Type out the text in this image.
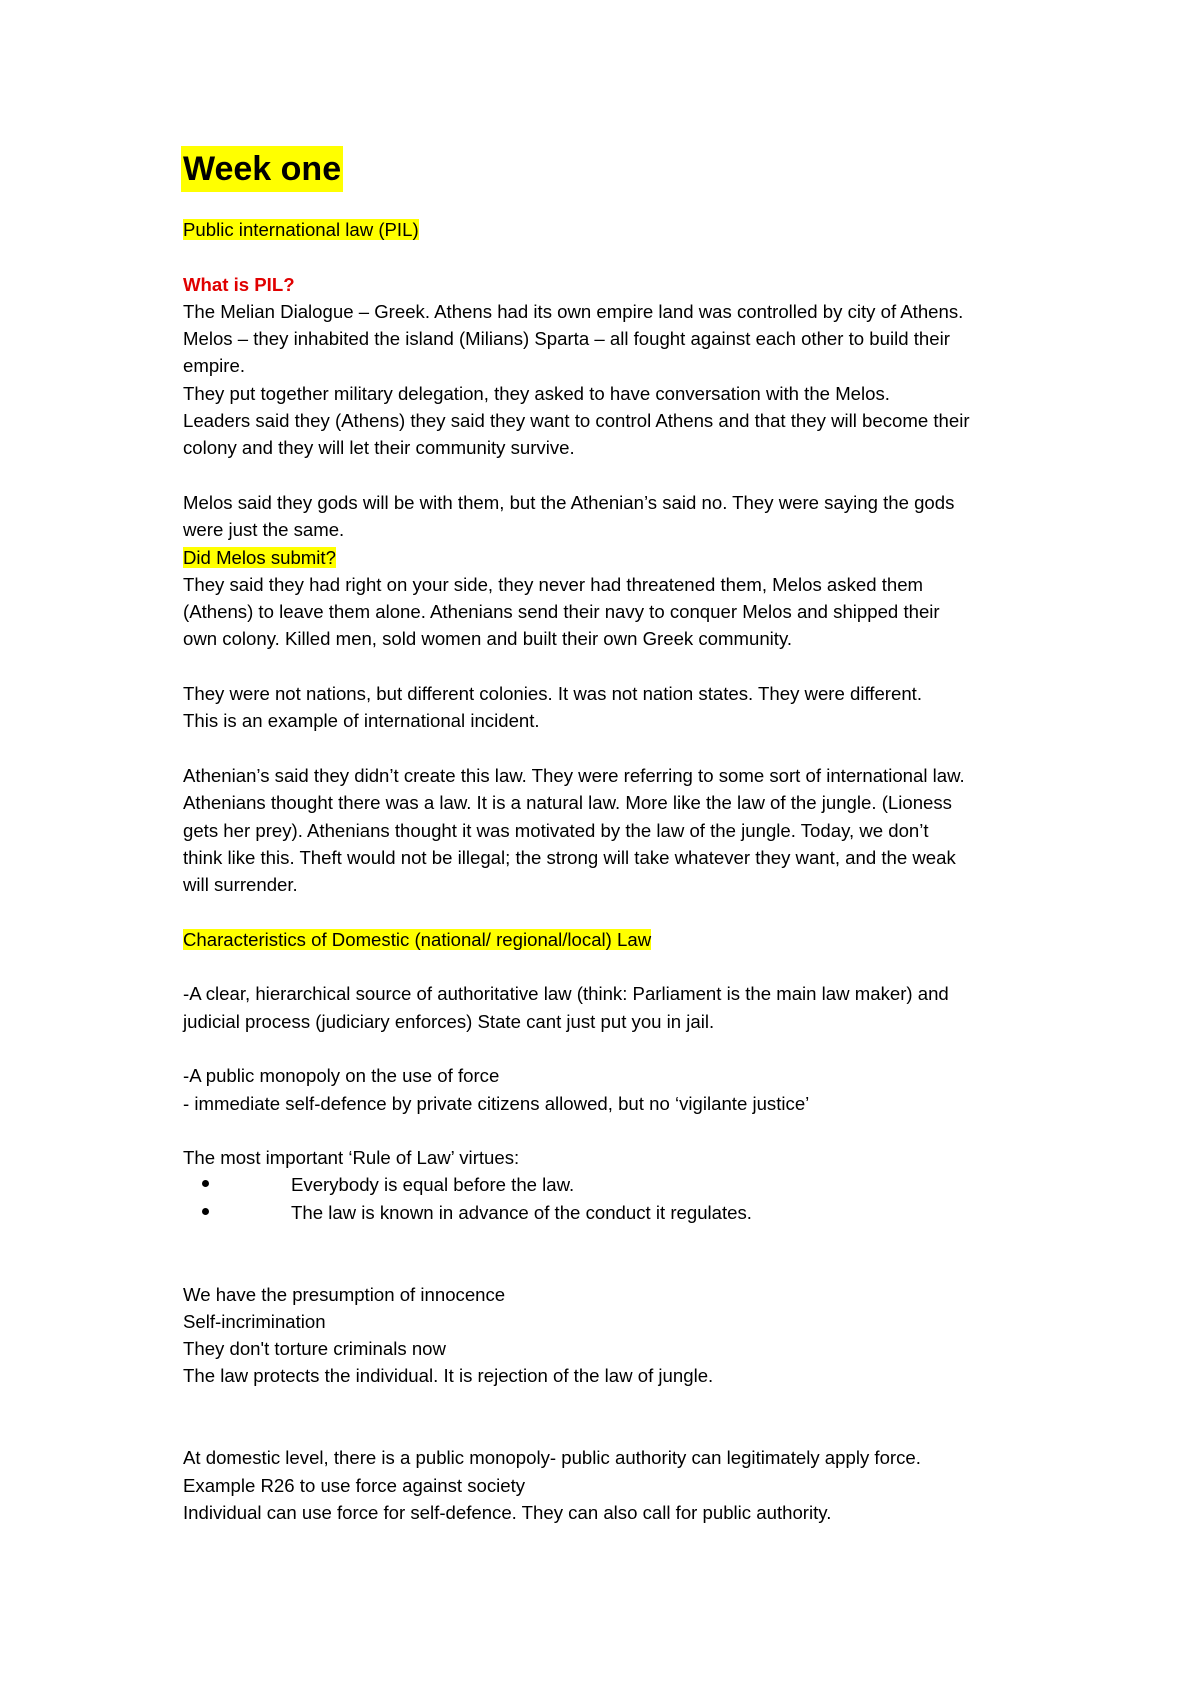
Week one

Public international law (PIL)

What is PIL?

The Melian Dialogue – Greek. Athens had its own empire land was controlled by city of Athens.

Melos – they inhabited the island (Milians) Sparta – all fought against each other to build their

empire.

They put together military delegation, they asked to have conversation with the Melos.

Leaders said they (Athens) they said they want to control Athens and that they will become their

colony and they will let their community survive.

Melos said they gods will be with them, but the Athenian’s said no. They were saying the gods

were just the same.

Did Melos submit?

They said they had right on your side, they never had threatened them, Melos asked them

(Athens) to leave them alone. Athenians send their navy to conquer Melos and shipped their

own colony. Killed men, sold women and built their own Greek community.

They were not nations, but different colonies. It was not nation states. They were different.

This is an example of international incident.

Athenian’s said they didn’t create this law. They were referring to some sort of international law.

Athenians thought there was a law. It is a natural law. More like the law of the jungle. (Lioness

gets her prey). Athenians thought it was motivated by the law of the jungle. Today, we don’t

think like this. Theft would not be illegal; the strong will take whatever they want, and the weak

will surrender.

Characteristics of Domestic (national/ regional/local) Law

-A clear, hierarchical source of authoritative law (think: Parliament is the main law maker) and

judicial process (judiciary enforces) State cant just put you in jail.

-A public monopoly on the use of force

- immediate self-defence by private citizens allowed, but no ‘vigilante justice’

The most important ‘Rule of Law’ virtues:

Everybody is equal before the law.
The law is known in advance of the conduct it regulates.

We have the presumption of innocence

Self-incrimination

They don't torture criminals now

The law protects the individual. It is rejection of the law of jungle.

At domestic level, there is a public monopoly- public authority can legitimately apply force.

Example R26 to use force against society

Individual can use force for self-defence. They can also call for public authority.
